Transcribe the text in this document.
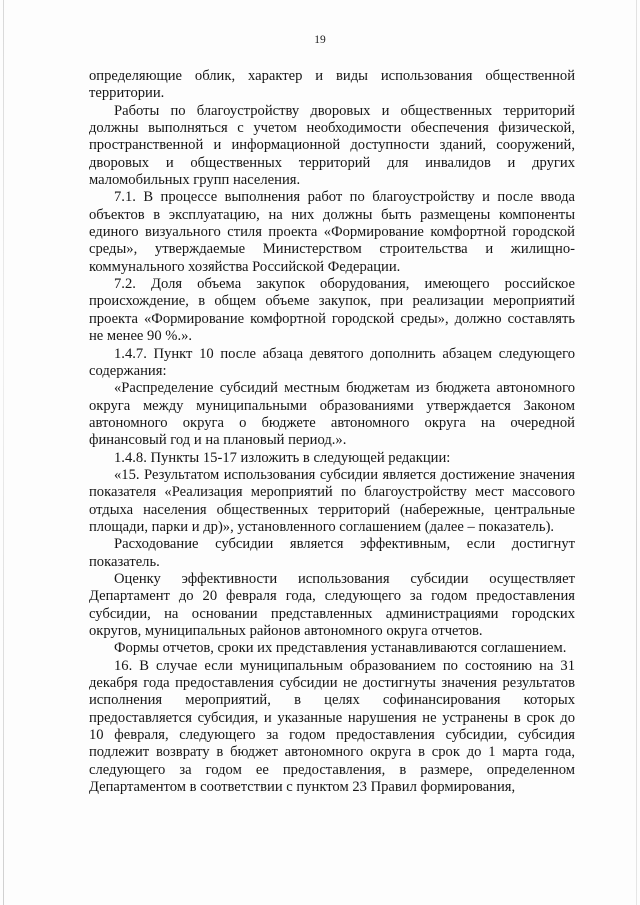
19

определяющие облик, характер и виды использования общественной территории.

Работы по благоустройству дворовых и общественных территорий должны выполняться с учетом необходимости обеспечения физической, пространственной и информационной доступности зданий, сооружений, дворовых и общественных территорий для инвалидов и других маломобильных групп населения.

7.1. В процессе выполнения работ по благоустройству и после ввода объектов в эксплуатацию, на них должны быть размещены компоненты единого визуального стиля проекта «Формирование комфортной городской среды», утверждаемые Министерством строительства и жилищно-коммунального хозяйства Российской Федерации.

7.2. Доля объема закупок оборудования, имеющего российское происхождение, в общем объеме закупок, при реализации мероприятий проекта «Формирование комфортной городской среды», должно составлять не менее 90 %.».

1.4.7. Пункт 10 после абзаца девятого дополнить абзацем следующего содержания:

«Распределение субсидий местным бюджетам из бюджета автономного округа между муниципальными образованиями утверждается Законом автономного округа о бюджете автономного округа на очередной финансовый год и на плановый период.».

1.4.8. Пункты 15-17 изложить в следующей редакции:

«15. Результатом использования субсидии является достижение значения показателя «Реализация мероприятий по благоустройству мест массового отдыха населения общественных территорий (набережные, центральные площади, парки и др)», установленного соглашением (далее – показатель).

Расходование субсидии является эффективным, если достигнут показатель.

Оценку эффективности использования субсидии осуществляет Департамент до 20 февраля года, следующего за годом предоставления субсидии, на основании представленных администрациями городских округов, муниципальных районов автономного округа отчетов.

Формы отчетов, сроки их представления устанавливаются соглашением.

16. В случае если муниципальным образованием по состоянию на 31 декабря года предоставления субсидии не достигнуты значения результатов исполнения мероприятий, в целях софинансирования которых предоставляется субсидия, и указанные нарушения не устранены в срок до 10 февраля, следующего за годом предоставления субсидии, субсидия подлежит возврату в бюджет автономного округа в срок до 1 марта года, следующего за годом ее предоставления, в размере, определенном Департаментом в соответствии с пунктом 23 Правил формирования,
